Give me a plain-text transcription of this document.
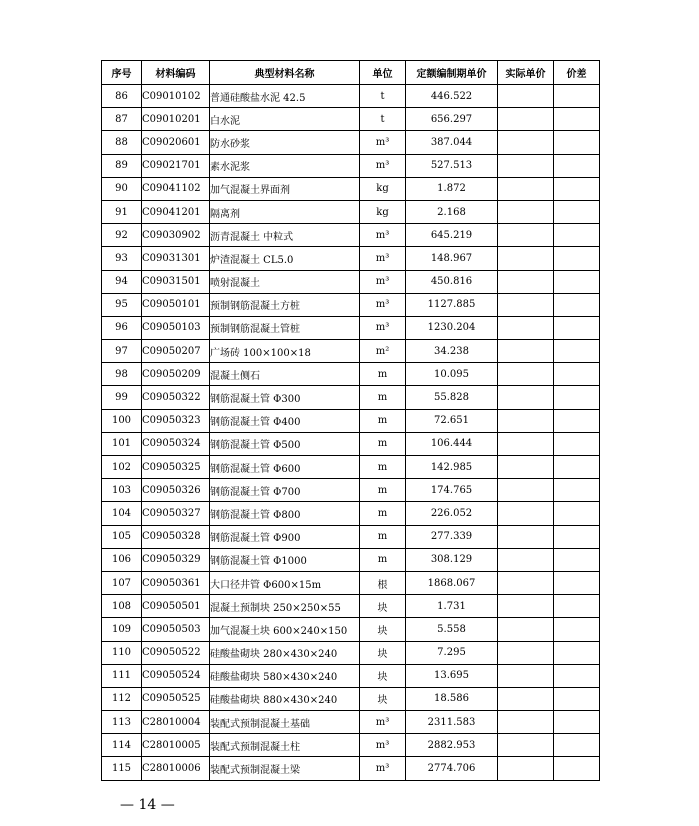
序号	材料编码	典型材料名称	单位	定额编制期单价	实际单价	价差
86	C09010102	普通硅酸盐水泥 42.5	t	446.522		
87	C09010201	白水泥	t	656.297		
88	C09020601	防水砂浆	m³	387.044		
89	C09021701	素水泥浆	m³	527.513		
90	C09041102	加气混凝土界面剂	kg	1.872		
91	C09041201	隔离剂	kg	2.168		
92	C09030902	沥青混凝土 中粒式	m³	645.219		
93	C09031301	炉渣混凝土 CL5.0	m³	148.967		
94	C09031501	喷射混凝土	m³	450.816		
95	C09050101	预制钢筋混凝土方桩	m³	1127.885		
96	C09050103	预制钢筋混凝土管桩	m³	1230.204		
97	C09050207	广场砖 100×100×18	m²	34.238		
98	C09050209	混凝土侧石	m	10.095		
99	C09050322	钢筋混凝土管 Φ300	m	55.828		
100	C09050323	钢筋混凝土管 Φ400	m	72.651		
101	C09050324	钢筋混凝土管 Φ500	m	106.444		
102	C09050325	钢筋混凝土管 Φ600	m	142.985		
103	C09050326	钢筋混凝土管 Φ700	m	174.765		
104	C09050327	钢筋混凝土管 Φ800	m	226.052		
105	C09050328	钢筋混凝土管 Φ900	m	277.339		
106	C09050329	钢筋混凝土管 Φ1000	m	308.129		
107	C09050361	大口径井管 Φ600×15m	根	1868.067		
108	C09050501	混凝土预制块 250×250×55	块	1.731		
109	C09050503	加气混凝土块 600×240×150	块	5.558		
110	C09050522	硅酸盐砌块 280×430×240	块	7.295		
111	C09050524	硅酸盐砌块 580×430×240	块	13.695		
112	C09050525	硅酸盐砌块 880×430×240	块	18.586		
113	C28010004	装配式预制混凝土基础	m³	2311.583		
114	C28010005	装配式预制混凝土柱	m³	2882.953		
115	C28010006	装配式预制混凝土梁	m³	2774.706		
— 14 —
